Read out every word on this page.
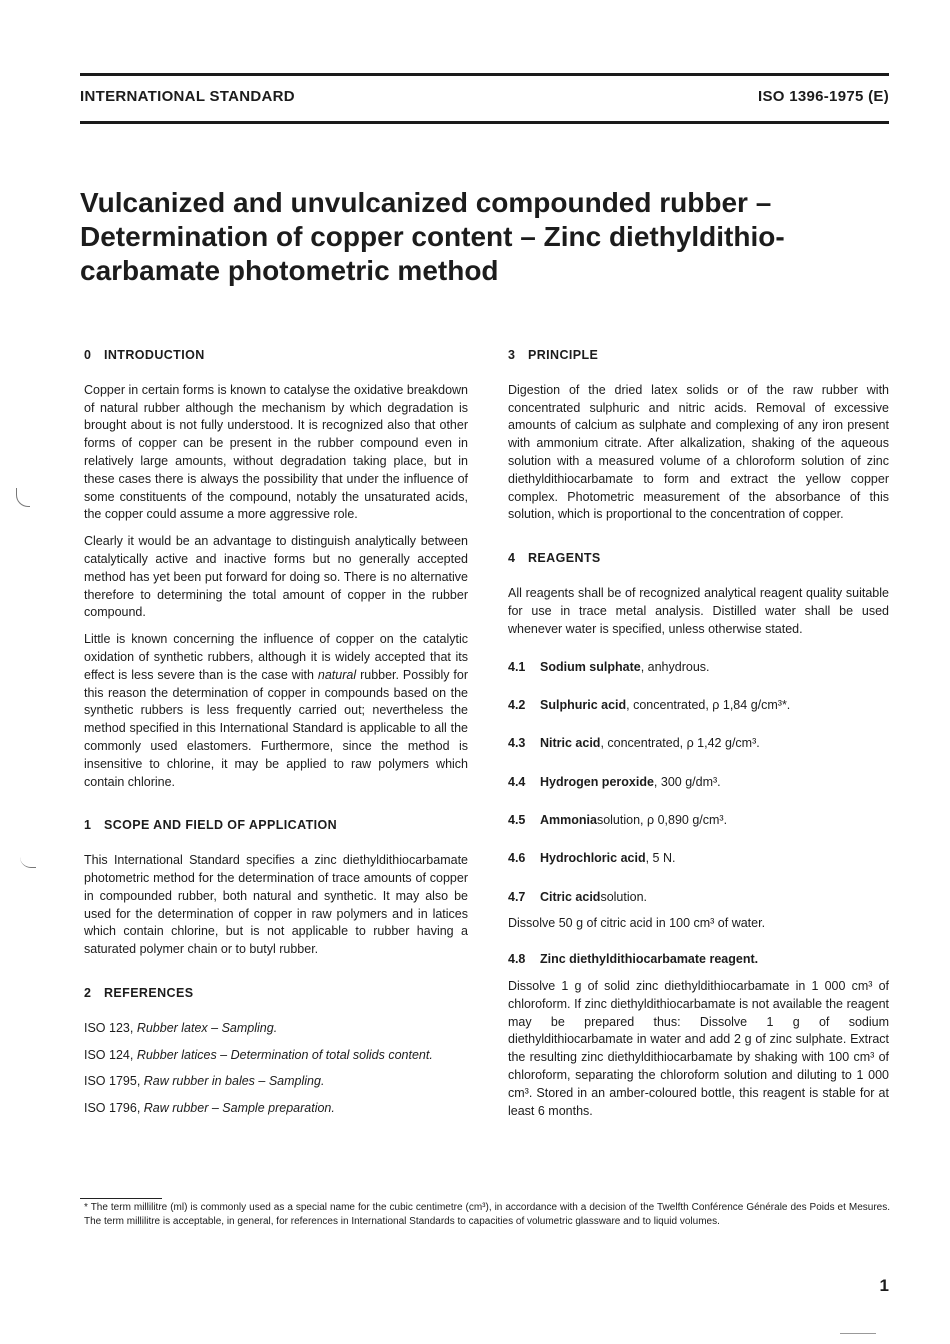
INTERNATIONAL STANDARD	ISO 1396-1975 (E)
Vulcanized and unvulcanized compounded rubber –
Determination of copper content – Zinc diethyldithio-
carbamate photometric method
0 INTRODUCTION

Copper in certain forms is known to catalyse the oxidative breakdown of natural rubber although the mechanism by which degradation is brought about is not fully understood. It is recognized also that other forms of copper can be present in the rubber compound even in relatively large amounts, without degradation taking place, but in these cases there is always the possibility that under the influence of some constituents of the compound, notably the unsaturated acids, the copper could assume a more aggressive role.

Clearly it would be an advantage to distinguish analytically between catalytically active and inactive forms but no generally accepted method has yet been put forward for doing so. There is no alternative therefore to determining the total amount of copper in the rubber compound.

Little is known concerning the influence of copper on the catalytic oxidation of synthetic rubbers, although it is widely accepted that its effect is less severe than is the case with natural rubber. Possibly for this reason the determination of copper in compounds based on the synthetic rubbers is less frequently carried out; nevertheless the method specified in this International Standard is applicable to all the commonly used elastomers. Furthermore, since the method is insensitive to chlorine, it may be applied to raw polymers which contain chlorine.

1 SCOPE AND FIELD OF APPLICATION

This International Standard specifies a zinc diethyldithiocarbamate photometric method for the determination of trace amounts of copper in compounded rubber, both natural and synthetic. It may also be used for the determination of copper in raw polymers and in latices which contain chlorine, but is not applicable to rubber having a saturated polymer chain or to butyl rubber.

2 REFERENCES

ISO 123, Rubber latex – Sampling.

ISO 124, Rubber latices – Determination of total solids content.

ISO 1795, Raw rubber in bales – Sampling.

ISO 1796, Raw rubber – Sample preparation.

3 PRINCIPLE

Digestion of the dried latex solids or of the raw rubber with concentrated sulphuric and nitric acids. Removal of excessive amounts of calcium as sulphate and complexing of any iron present with ammonium citrate. After alkalization, shaking of the aqueous solution with a measured volume of a chloroform solution of zinc diethyldithiocarbamate to form and extract the yellow copper complex. Photometric measurement of the absorbance of this solution, which is proportional to the concentration of copper.

4 REAGENTS

All reagents shall be of recognized analytical reagent quality suitable for use in trace metal analysis. Distilled water shall be used whenever water is specified, unless otherwise stated.

4.1	Sodium sulphate , anhydrous.

4.2	Sulphuric acid , concentrated, ρ 1,84 g/cm³*.

4.3	Nitric acid , concentrated, ρ 1,42 g/cm³.

4.4	Hydrogen peroxide , 300 g/dm³.

4.5	Ammonia solution, ρ 0,890 g/cm³.

4.6	Hydrochloric acid , 5 N.

4.7	Citric acid solution.

Dissolve 50 g of citric acid in 100 cm³ of water.

4.8	Zinc diethyldithiocarbamate reagent.

Dissolve 1 g of solid zinc diethyldithiocarbamate in 1 000 cm³ of chloroform. If zinc diethyldithiocarbamate is not available the reagent may be prepared thus: Dissolve 1 g of sodium diethyldithiocarbamate in water and add 2 g of zinc sulphate. Extract the resulting zinc diethyldithiocarbamate by shaking with 100 cm³ of chloroform, separating the chloroform solution and diluting to 1 000 cm³. Stored in an amber-coloured bottle, this reagent is stable for at least 6 months.

* The term millilitre (ml) is commonly used as a special name for the cubic centimetre (cm³), in accordance with a decision of the Twelfth Conférence Générale des Poids et Mesures. The term millilitre is acceptable, in general, for references in International Standards to capacities of volumetric glassware and to liquid volumes.

1
